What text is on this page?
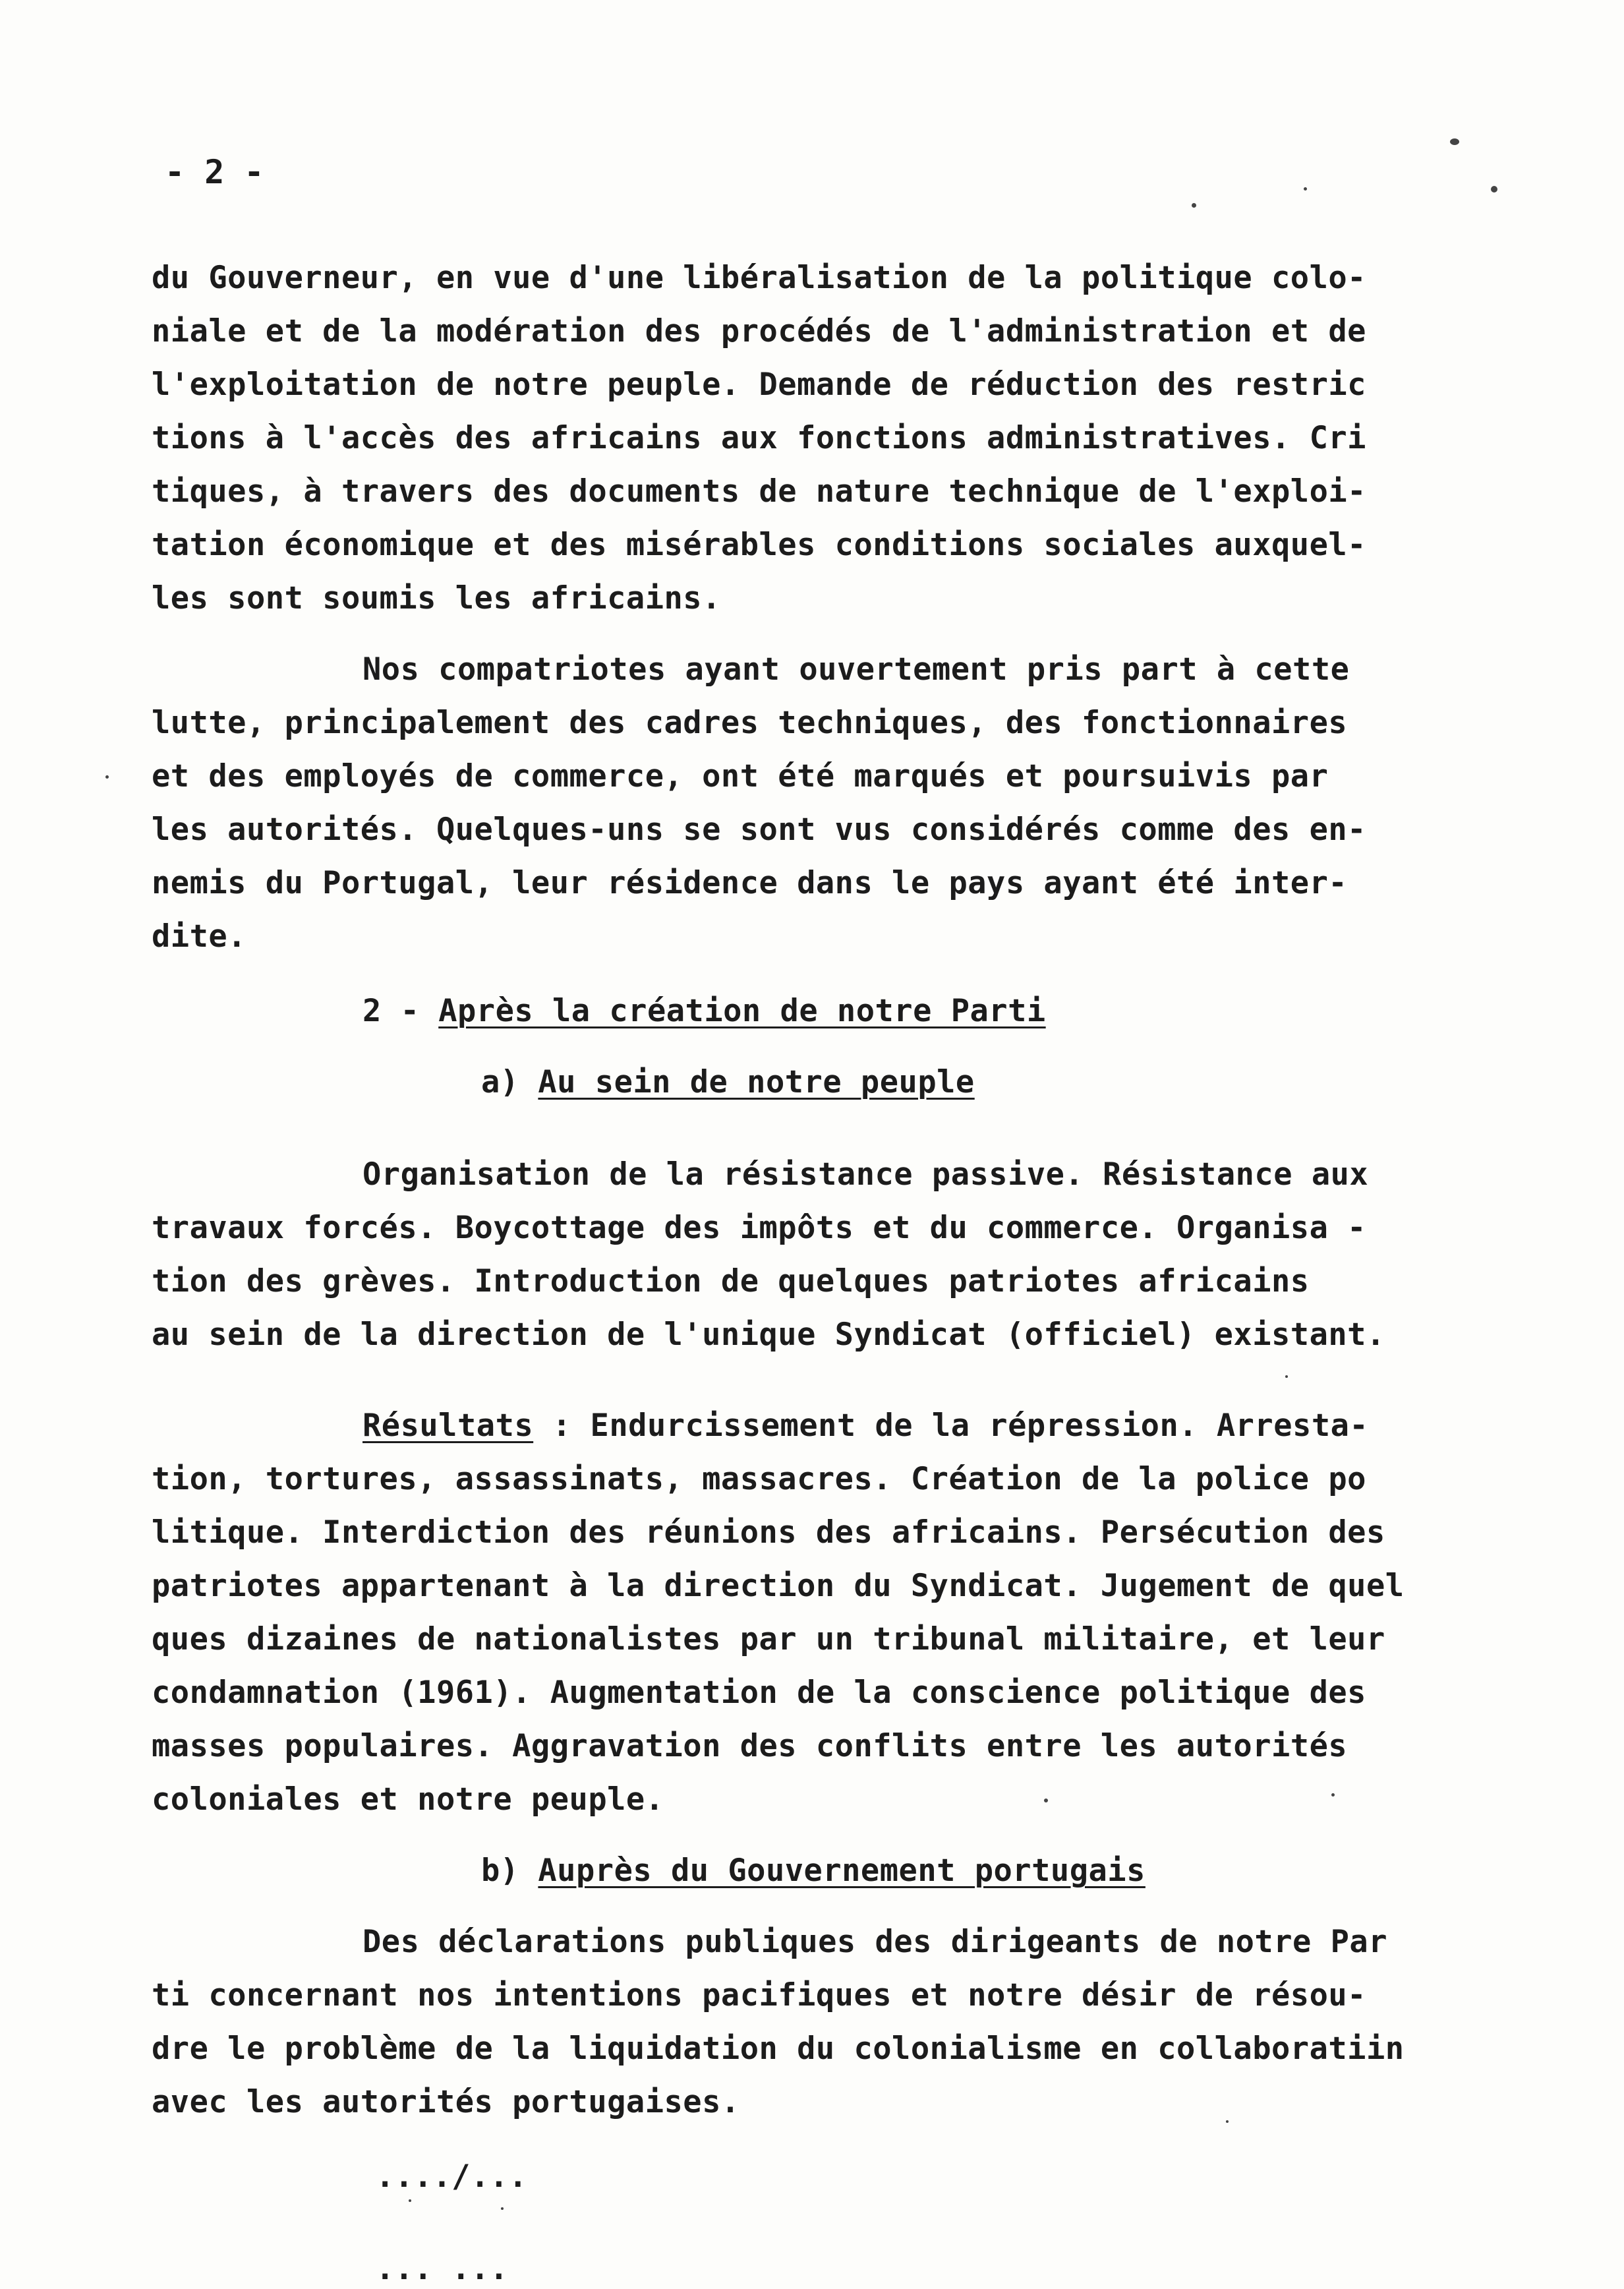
- 2 -
du Gouverneur, en vue d'une libéralisation de la politique colo-
niale et de la modération des procédés de l'administration et de
l'exploitation de notre peuple. Demande de réduction des restric
tions à l'accès des africains aux fonctions administratives. Cri
tiques, à travers des documents de nature technique de l'exploi-
tation économique et des misérables conditions sociales auxquel-
les sont soumis les africains.
Nos compatriotes ayant ouvertement pris part à cette
lutte, principalement des cadres techniques, des fonctionnaires
et des employés de commerce, ont été marqués et poursuivis par
les autorités. Quelques-uns se sont vus considérés comme des en-
nemis du Portugal, leur résidence dans le pays ayant été inter-
dite.
2 - Après la création de notre Parti
a) Au sein de notre peuple
Organisation de la résistance passive. Résistance aux
travaux forcés. Boycottage des impôts et du commerce. Organisa -
tion des grèves. Introduction de quelques patriotes africains
au sein de la direction de l'unique Syndicat (officiel) existant.
Résultats : Endurcissement de la répression. Arresta-
tion, tortures, assassinats, massacres. Création de la police po
litique. Interdiction des réunions des africains. Persécution des
patriotes appartenant à la direction du Syndicat. Jugement de quel
ques dizaines de nationalistes par un tribunal militaire, et leur
condamnation (1961). Augmentation de la conscience politique des
masses populaires. Aggravation des conflits entre les autorités
coloniales et notre peuple.
b) Auprès du Gouvernement portugais
Des déclarations publiques des dirigeants de notre Par
ti concernant nos intentions pacifiques et notre désir de résou-
dre le problème de la liquidation du colonialisme en collaboratiin
avec les autorités portugaises.
..../...
... ...
